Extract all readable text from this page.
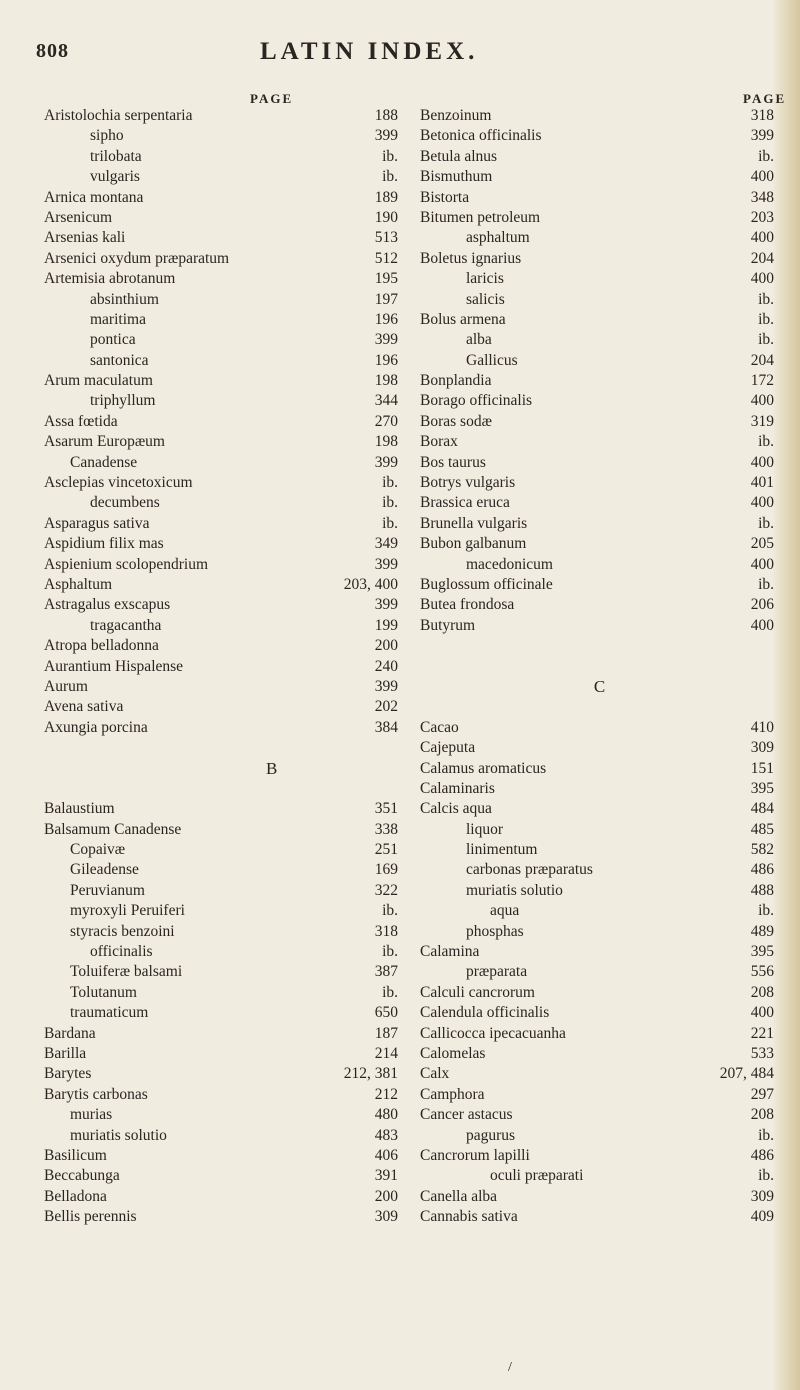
808	LATIN INDEX.
PAGE	PAGE
Aristolochia serpentaria	188
sipho	399
trilobata	ib.
vulgaris	ib.
Arnica montana	189
Arsenicum	190
Arsenias kali	513
Arsenici oxydum præparatum	512
Artemisia abrotanum	195
absinthium	197
maritima	196
pontica	399
santonica	196
Arum maculatum	198
triphyllum	344
Assa fœtida	270
Asarum Europæum	198
Canadense	399
Asclepias vincetoxicum	ib.
decumbens	ib.
Asparagus sativa	ib.
Aspidium filix mas	349
Aspienium scolopendrium	399
Asphaltum	203, 400
Astragalus exscapus	399
tragacantha	199
Atropa belladonna	200
Aurantium Hispalense	240
Aurum	399
Avena sativa	202
Axungia porcina	384
B
Balaustium	351
Balsamum Canadense	338
Copaivæ	251
Gileadense	169
Peruvianum	322
myroxyli Peruiferi	ib.
styracis benzoini	318
officinalis	ib.
Toluiferæ balsami	387
Tolutanum	ib.
traumaticum	650
Bardana	187
Barilla	214
Barytes	212, 381
Barytis carbonas	212
murias	480
muriatis solutio	483
Basilicum	406
Beccabunga	391
Belladona	200
Bellis perennis	309
Benzoinum	318
Betonica officinalis	399
Betula alnus	ib.
Bismuthum	400
Bistorta	348
Bitumen petroleum	203
asphaltum	400
Boletus ignarius	204
laricis	400
salicis	ib.
Bolus armena	ib.
alba	ib.
Gallicus	204
Bonplandia	172
Borago officinalis	400
Boras sodæ	319
Borax	ib.
Bos taurus	400
Botrys vulgaris	401
Brassica eruca	400
Brunella vulgaris	ib.
Bubon galbanum	205
macedonicum	400
Buglossum officinale	ib.
Butea frondosa	206
Butyrum	400
C
Cacao	410
Cajeputa	309
Calamus aromaticus	151
Calaminaris	395
Calcis aqua	484
liquor	485
linimentum	582
carbonas præparatus	486
muriatis solutio	488
aqua	ib.
phosphas	489
Calamina	395
præparata	556
Calculi cancrorum	208
Calendula officinalis	400
Callicocca ipecacuanha	221
Calomelas	533
Calx	207, 484
Camphora	297
Cancer astacus	208
pagurus	ib.
Cancrorum lapilli	486
oculi præparati	ib.
Canella alba	309
Cannabis sativa	409
/
